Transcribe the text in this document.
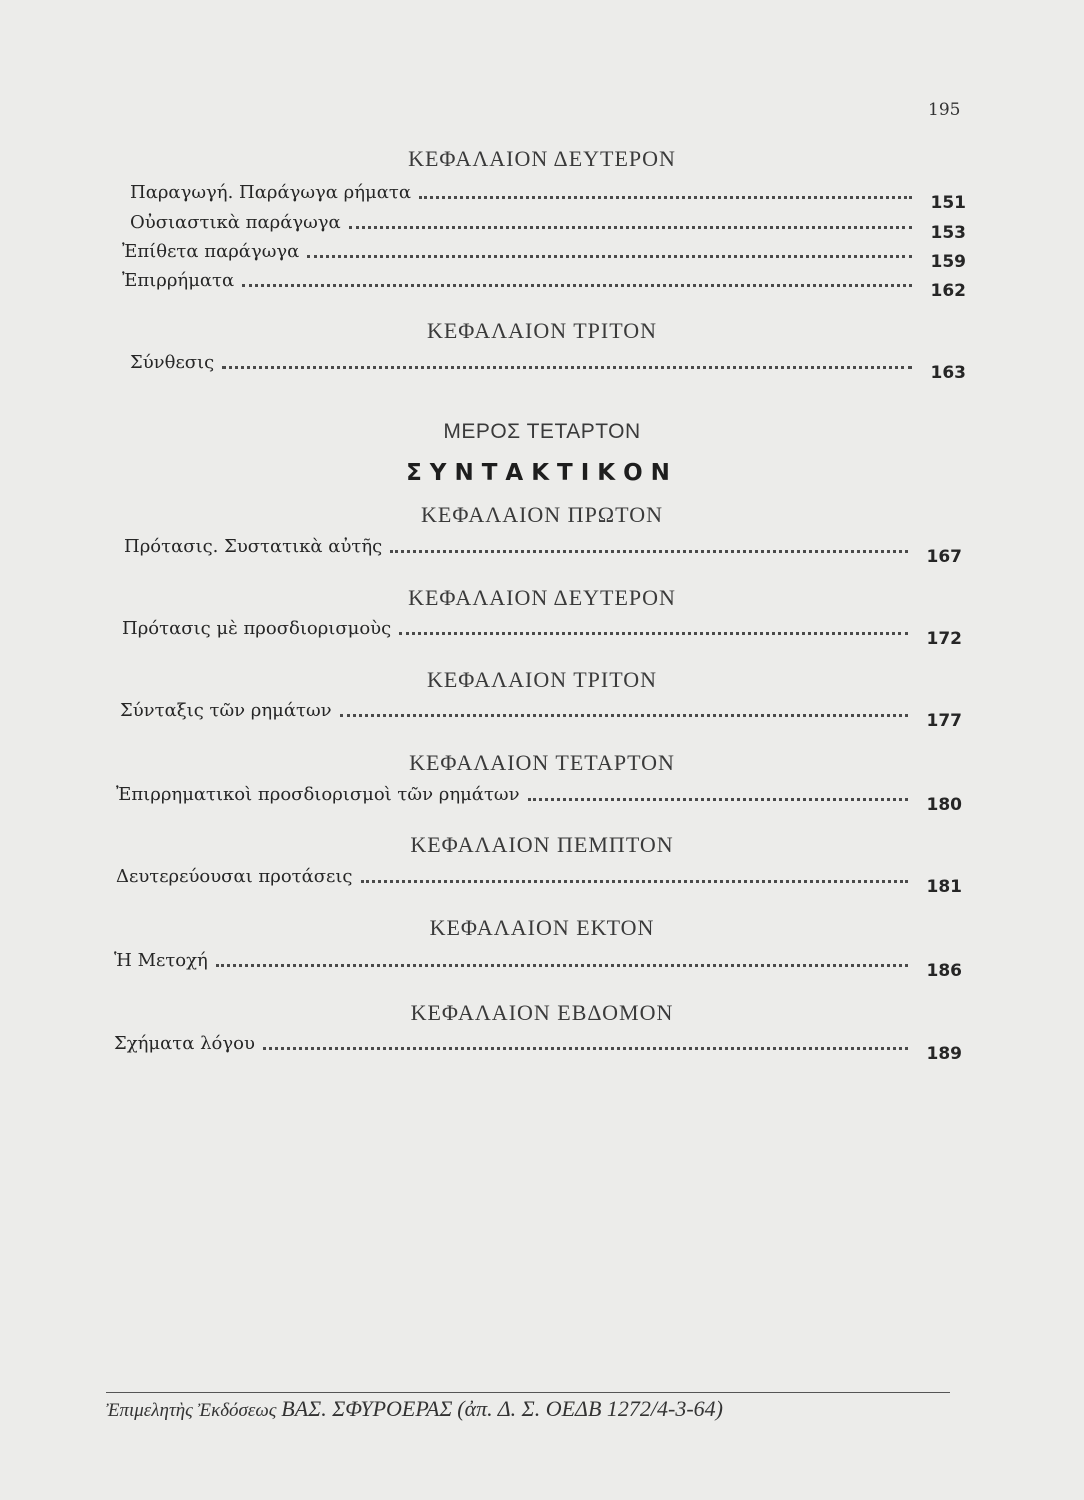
195
ΚΕΦΑΛΑΙΟΝ ΔΕΥΤΕΡΟΝ
Παραγωγή. Παράγωγα ρήματα	151
Οὐσιαστικὰ παράγωγα	153
Ἐπίθετα παράγωγα	159
Ἐπιρρήματα	162
ΚΕΦΑΛΑΙΟΝ ΤΡΙΤΟΝ
Σύνθεσις	163
ΜΕΡΟΣ ΤΕΤΑΡΤΟΝ
ΣΥΝΤΑΚΤΙΚΟΝ
ΚΕΦΑΛΑΙΟΝ ΠΡΩΤΟΝ
Πρότασις. Συστατικὰ αὐτῆς	167
ΚΕΦΑΛΑΙΟΝ ΔΕΥΤΕΡΟΝ
Πρότασις μὲ προσδιορισμοὺς	172
ΚΕΦΑΛΑΙΟΝ ΤΡΙΤΟΝ
Σύνταξις τῶν ρημάτων	177
ΚΕΦΑΛΑΙΟΝ ΤΕΤΑΡΤΟΝ
Ἐπιρρηματικοὶ προσδιορισμοὶ τῶν ρημάτων	180
ΚΕΦΑΛΑΙΟΝ ΠΕΜΠΤΟΝ
Δευτερεύουσαι προτάσεις	181
ΚΕΦΑΛΑΙΟΝ ΕΚΤΟΝ
Ἡ Μετοχή	186
ΚΕΦΑΛΑΙΟΝ ΕΒΔΟΜΟΝ
Σχήματα λόγου	189
Ἐπιμελητὴς Ἐκδόσεως ΒΑΣ. ΣΦΥΡΟΕΡΑΣ (ἀπ. Δ. Σ. ΟΕΔΒ 1272/4-3-64)
